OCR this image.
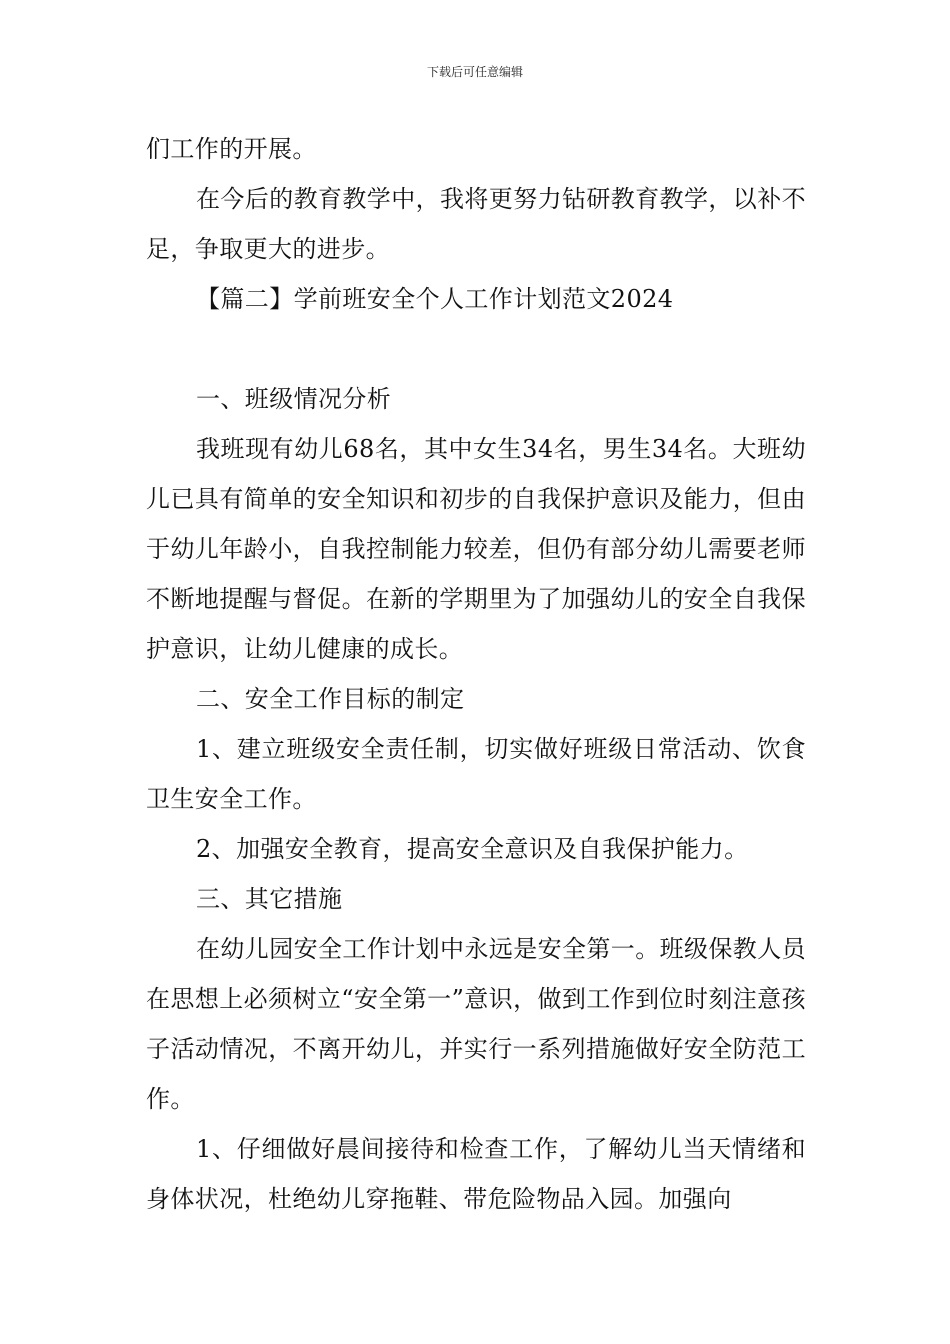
下载后可任意编辑

们工作的开展。

在今后的教育教学中，我将更努力钻研教育教学，以补不足，争取更大的进步。

【篇二】学前班安全个人工作计划范文2024

一、班级情况分析

我班现有幼儿68名，其中女生34名，男生34名。大班幼儿已具有简单的安全知识和初步的自我保护意识及能力，但由于幼儿年龄小，自我控制能力较差，但仍有部分幼儿需要老师不断地提醒与督促。在新的学期里为了加强幼儿的安全自我保护意识，让幼儿健康的成长。

二、安全工作目标的制定

1、建立班级安全责任制，切实做好班级日常活动、饮食卫生安全工作。

2、加强安全教育，提高安全意识及自我保护能力。

三、其它措施

在幼儿园安全工作计划中永远是安全第一。班级保教人员在思想上必须树立“安全第一”意识，做到工作到位时刻注意孩子活动情况，不离开幼儿，并实行一系列措施做好安全防范工作。

1、仔细做好晨间接待和检查工作，了解幼儿当天情绪和身体状况，杜绝幼儿穿拖鞋、带危险物品入园。加强向
